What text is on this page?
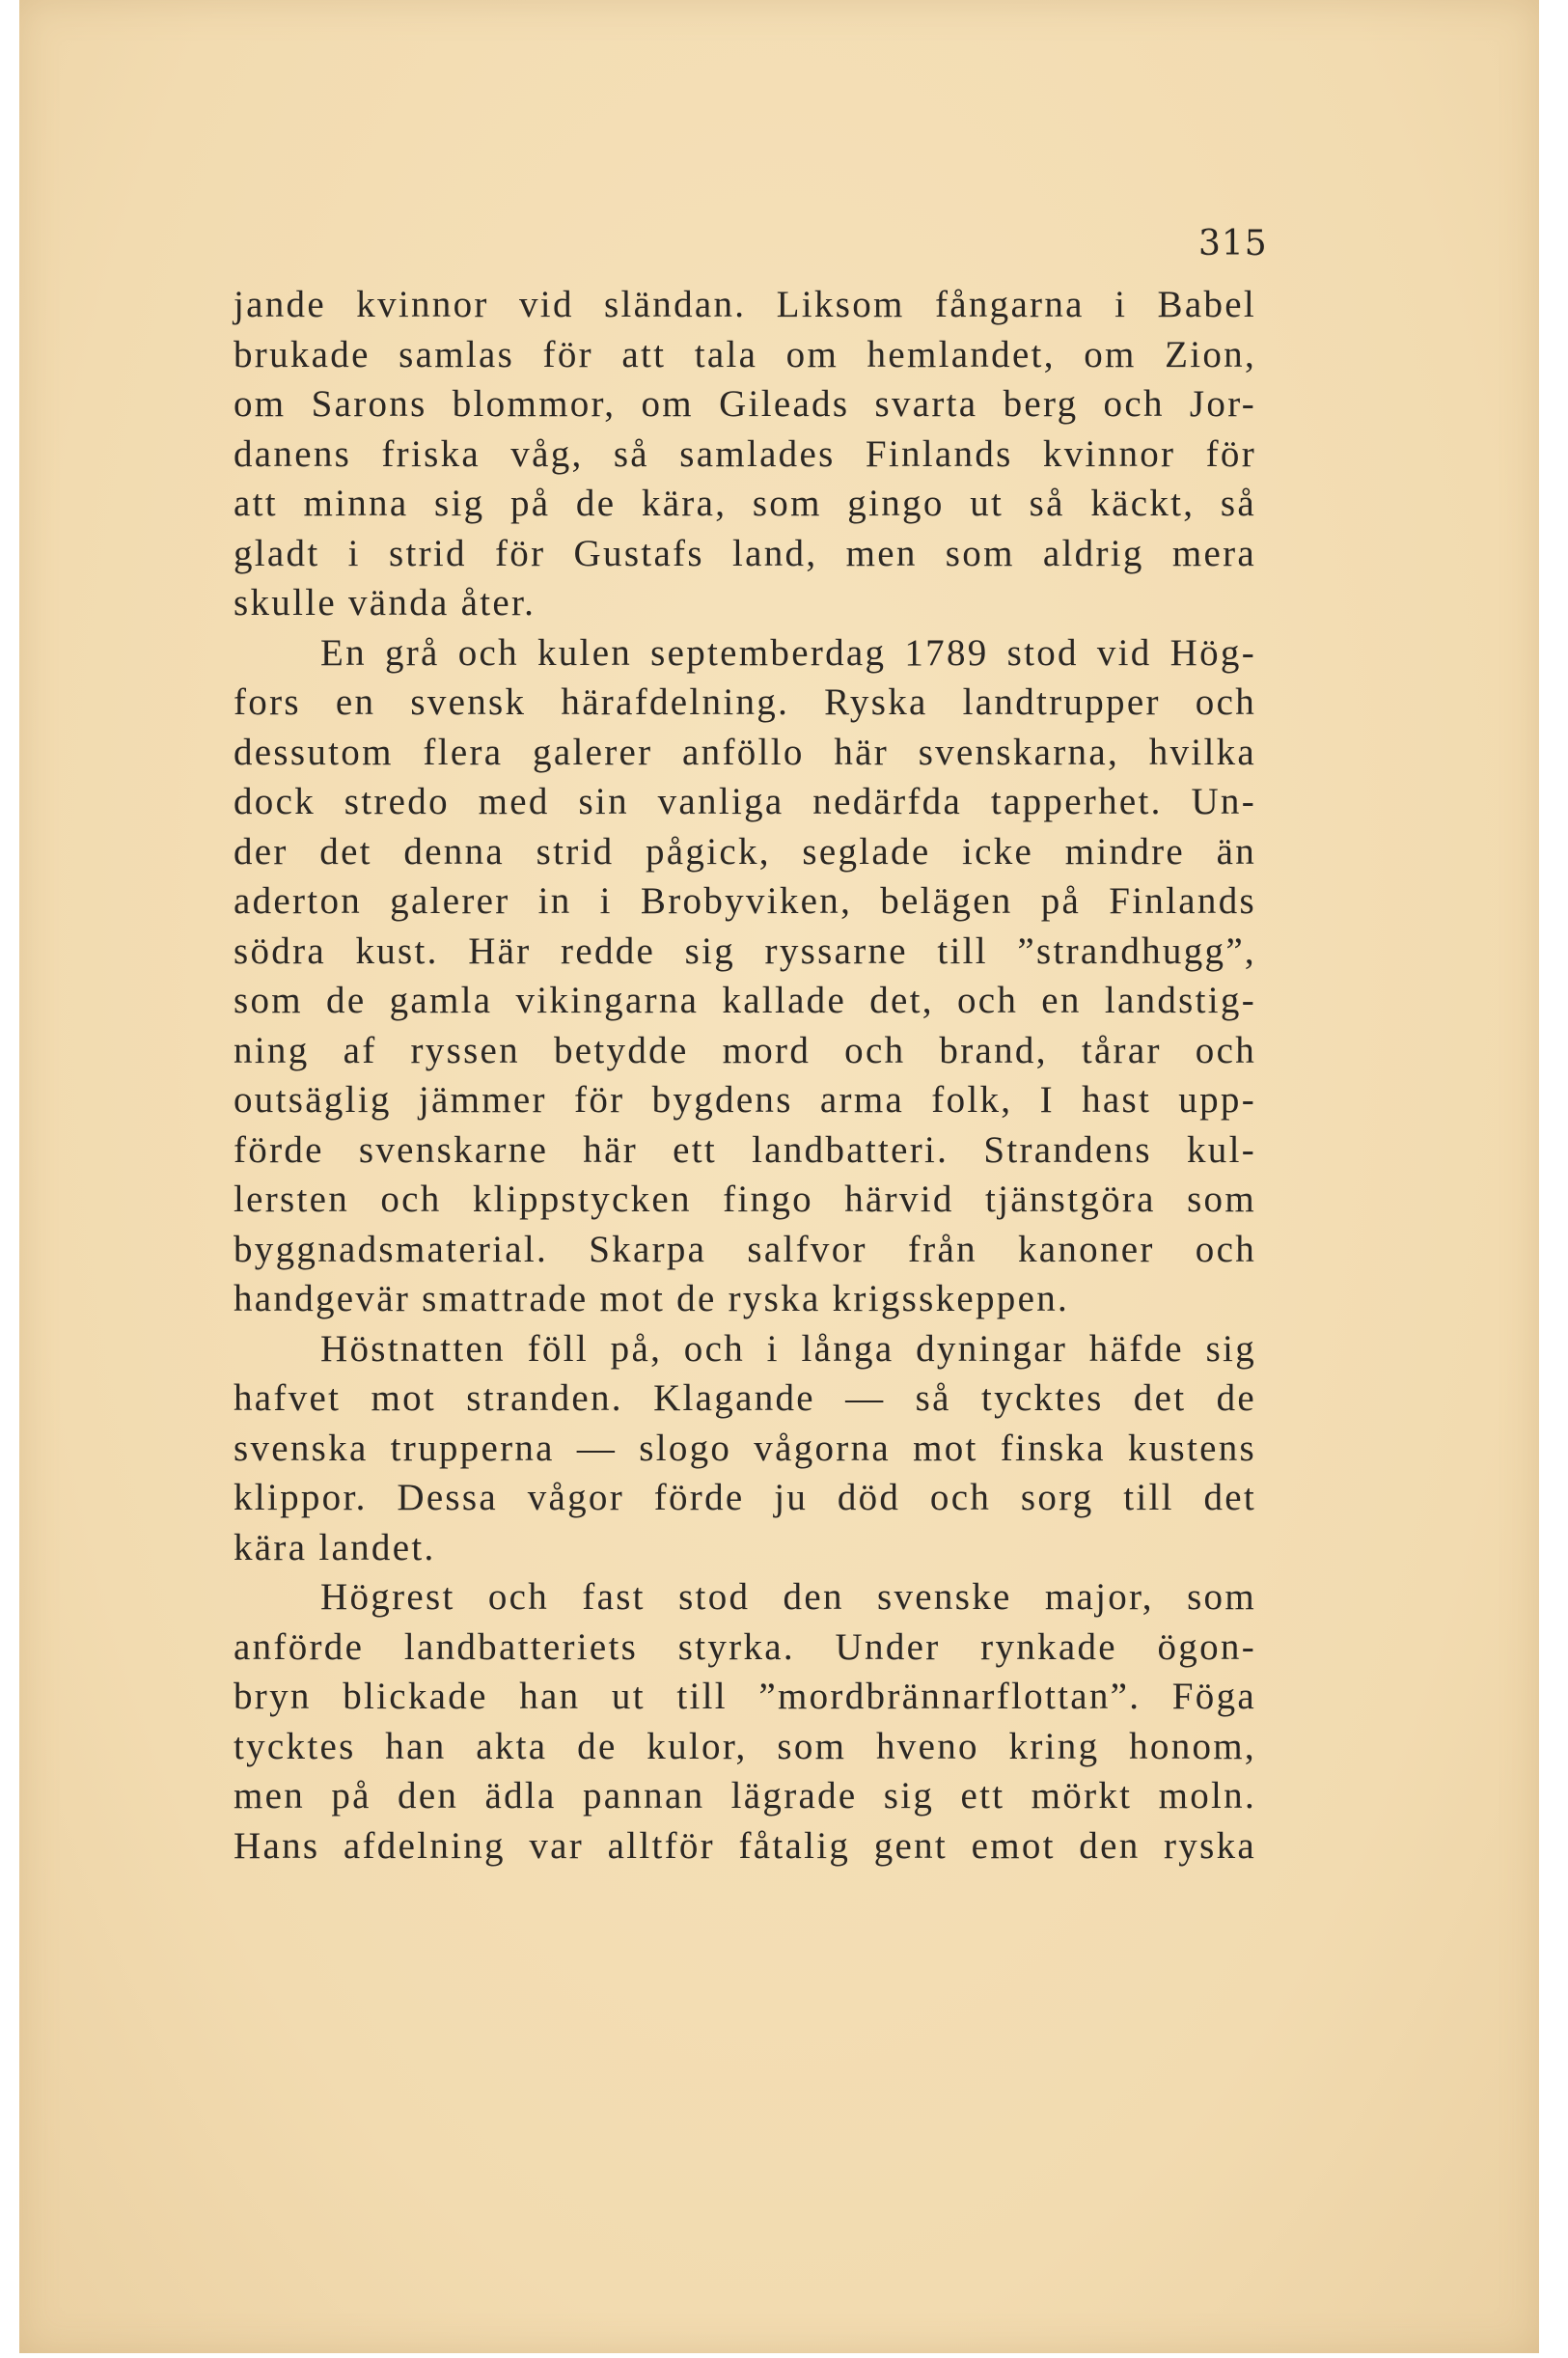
315
jande kvinnor vid sländan. Liksom fångarna i Babel
brukade samlas för att tala om hemlandet, om Zion,
om Sarons blommor, om Gileads svarta berg och Jor-
danens friska våg, så samlades Finlands kvinnor för
att minna sig på de kära, som gingo ut så käckt, så
gladt i strid för Gustafs land, men som aldrig mera
skulle vända åter.
En grå och kulen septemberdag 1789 stod vid Hög-
fors en svensk härafdelning. Ryska landtrupper och
dessutom flera galerer anföllo här svenskarna, hvilka
dock stredo med sin vanliga nedärfda tapperhet. Un-
der det denna strid pågick, seglade icke mindre än
aderton galerer in i Brobyviken, belägen på Finlands
södra kust. Här redde sig ryssarne till ”strandhugg”,
som de gamla vikingarna kallade det, och en landstig-
ning af ryssen betydde mord och brand, tårar och
outsäglig jämmer för bygdens arma folk, I hast upp-
förde svenskarne här ett landbatteri. Strandens kul-
lersten och klippstycken fingo härvid tjänstgöra som
byggnadsmaterial. Skarpa salfvor från kanoner och
handgevär smattrade mot de ryska krigsskeppen.
Höstnatten föll på, och i långa dyningar häfde sig
hafvet mot stranden. Klagande — så tycktes det de
svenska trupperna — slogo vågorna mot finska kustens
klippor. Dessa vågor förde ju död och sorg till det
kära landet.
Högrest och fast stod den svenske major, som
anförde landbatteriets styrka. Under rynkade ögon-
bryn blickade han ut till ”mordbrännarflottan”. Föga
tycktes han akta de kulor, som hveno kring honom,
men på den ädla pannan lägrade sig ett mörkt moln.
Hans afdelning var alltför fåtalig gent emot den ryska
